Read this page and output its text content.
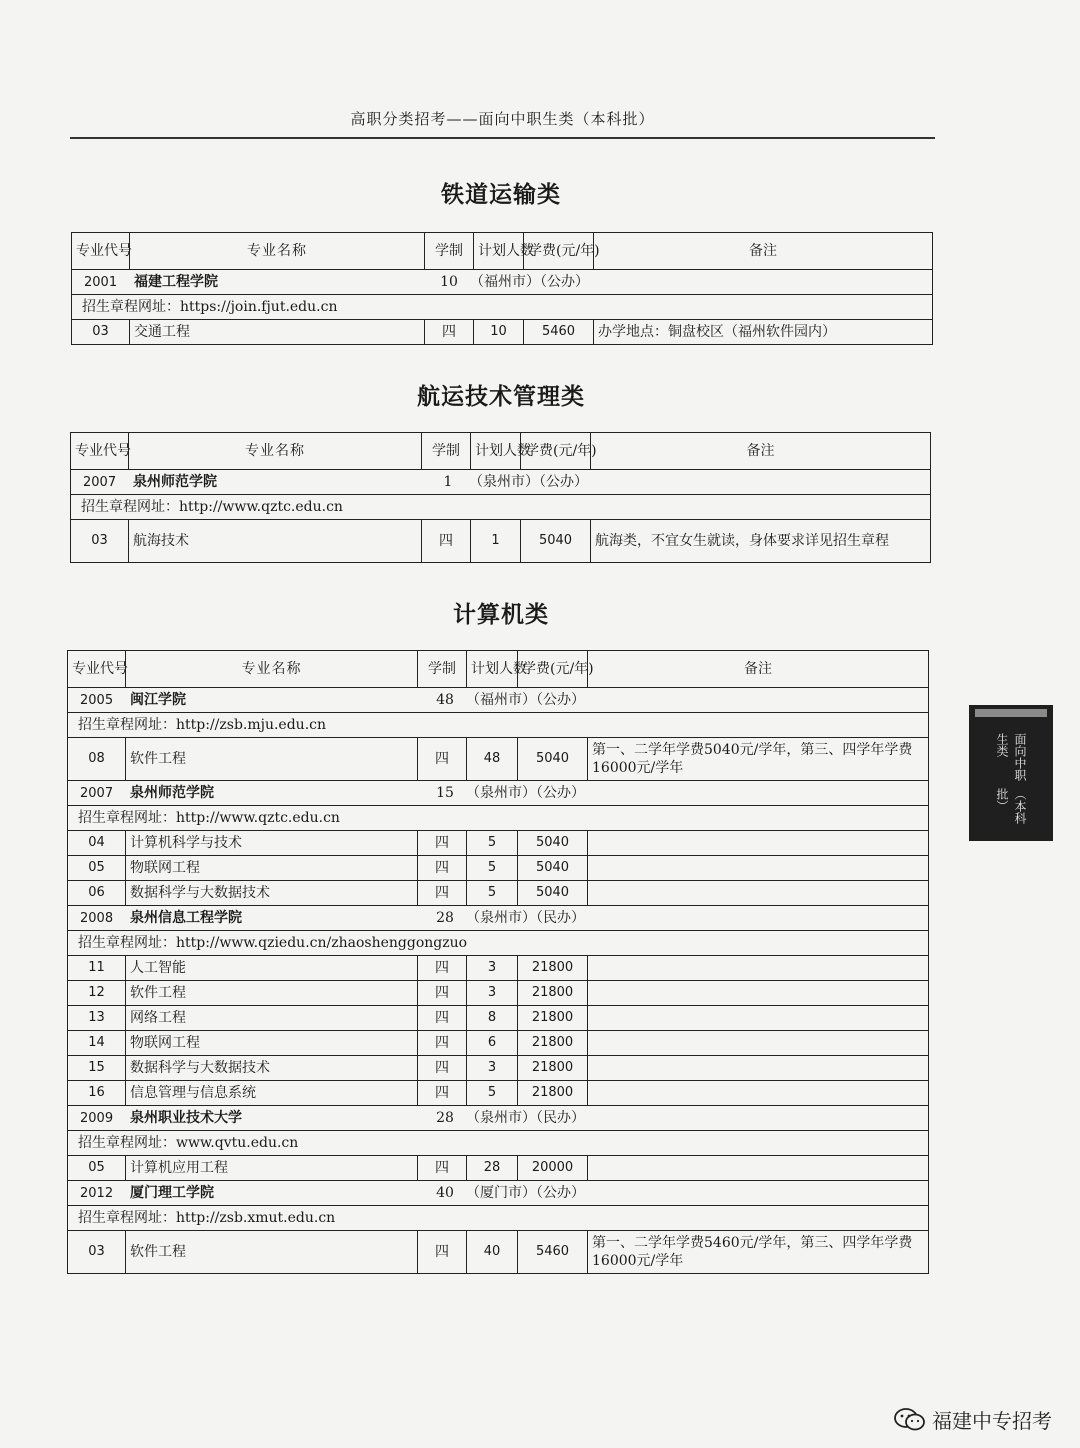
高职分类招考——面向中职生类（本科批）
铁道运输类
专业代号	专业名称	学制	计划人数	学费(元/年)	备注
2001 福建工程学院 10 （福州市）（公办）					
招生章程网址：https://join.fjut.edu.cn					
03	交通工程	四	10	5460	办学地点：铜盘校区（福州软件园内）
航运技术管理类
专业代号	专业名称	学制	计划人数	学费(元/年)	备注
2007 泉州师范学院 1 （泉州市）（公办）					
招生章程网址：http://www.qztc.edu.cn					
03	航海技术	四	1	5040	航海类，不宜女生就读，身体要求详见招生章程
计算机类
专业代号	专业名称	学制	计划人数	学费(元/年)	备注
2005 闽江学院 48 （福州市）（公办）					
招生章程网址：http://zsb.mju.edu.cn					
08	软件工程	四	48	5040	第一、二学年学费5040元/学年，第三、四学年学费16000元/学年
2007 泉州师范学院 15 （泉州市）（公办）					
招生章程网址：http://www.qztc.edu.cn					
04	计算机科学与技术	四	5	5040	
05	物联网工程	四	5	5040	
06	数据科学与大数据技术	四	5	5040	
2008 泉州信息工程学院 28 （泉州市）（民办）					
招生章程网址：http://www.qziedu.cn/zhaoshenggongzuo					
11	人工智能	四	3	21800	
12	软件工程	四	3	21800	
13	网络工程	四	8	21800	
14	物联网工程	四	6	21800	
15	数据科学与大数据技术	四	3	21800	
16	信息管理与信息系统	四	5	21800	
2009 泉州职业技术大学 28 （泉州市）（民办）					
招生章程网址：www.qvtu.edu.cn					
05	计算机应用工程	四	28	20000	
2012 厦门理工学院 40 （厦门市）（公办）					
招生章程网址：http://zsb.xmut.edu.cn					
03	软件工程	四	40	5460	第一、二学年学费5460元/学年，第三、四学年学费16000元/学年
面向中职生类
（本科批）
福建中专招考
